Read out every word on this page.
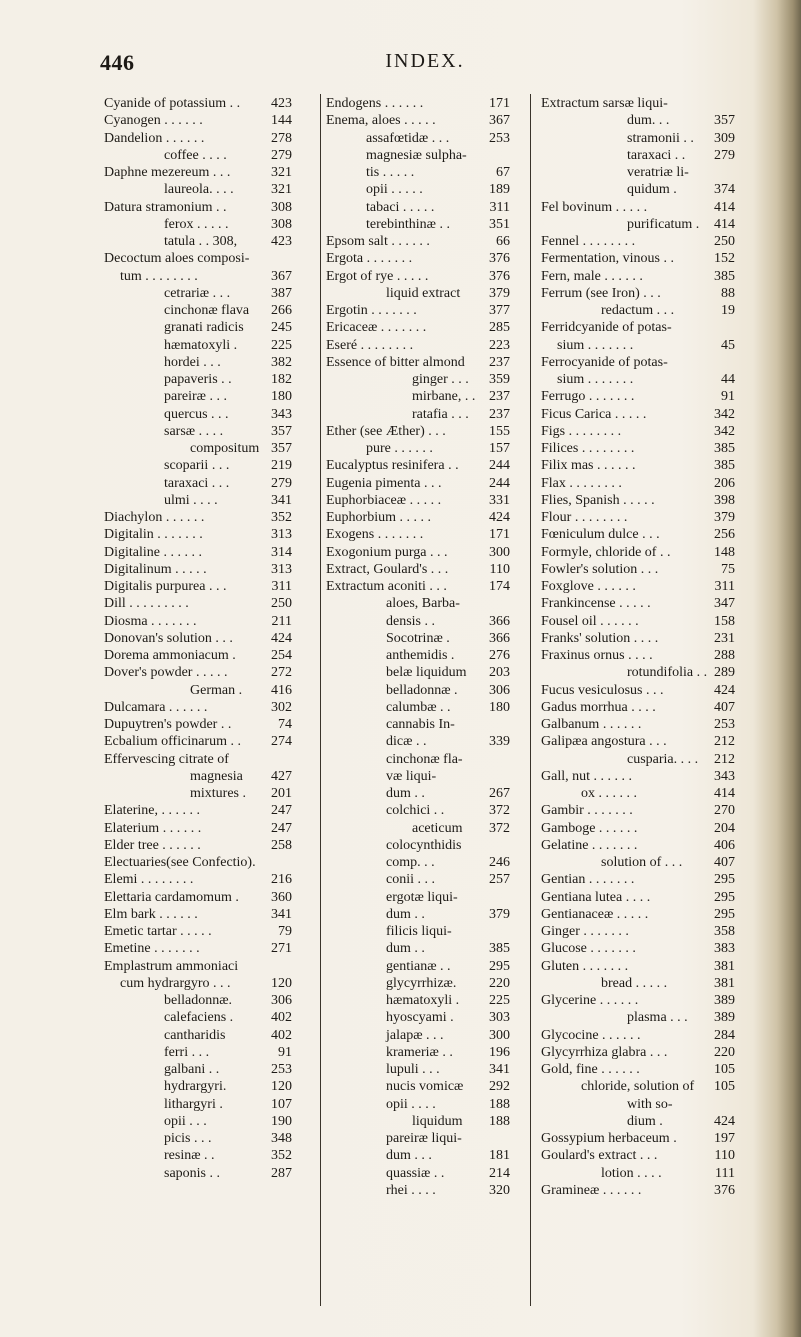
446	INDEX.
Cyanide of potassium . .	423
Cyanogen . . . . . .	144
Dandelion . . . . . .	278
coffee . . . .	279
Daphne mezereum . . .	321
laureola. . . .	321
Datura stramonium . .	308
ferox . . . . .	308
tatula . . 308,	423
Decoctum aloes composi-
tum . . . . . . . .	367
cetrariæ . . .	387
cinchonæ flava	266
granati radicis	245
hæmatoxyli .	225
hordei . . .	382
papaveris . .	182
pareiræ . . .	180
quercus . . .	343
sarsæ . . . .	357
compositum 357
scoparii . . .	219
taraxaci . . .	279
ulmi . . . .	341
Diachylon . . . . . .	352
Digitalin . . . . . . .	313
Digitaline . . . . . .	314
Digitalinum . . . . .	313
Digitalis purpurea . . .	311
Dill . . . . . . . . .	250
Diosma . . . . . . .	211
Donovan's solution . . .	424
Dorema ammoniacum .	254
Dover's powder . . . . .	272
German .	416
Dulcamara . . . . . .	302
Dupuytren's powder . .	74
Ecbalium officinarum . .	274
Effervescing citrate of
magnesia	427
mixtures .	201
Elaterine, . . . . . .	247
Elaterium . . . . . .	247
Elder tree . . . . . .	258
Electuaries(see Confectio).
Elemi . . . . . . . .	216
Elettaria cardamomum .	360
Elm bark . . . . . .	341
Emetic tartar . . . . .	79
Emetine . . . . . . .	271
Emplastrum ammoniaci
cum hydrargyro . . .	120
belladonnæ.	306
calefaciens .	402
cantharidis	402
ferri . . .	91
galbani . .	253
hydrargyri.	120
lithargyri .	107
opii . . .	190
picis . . .	348
resinæ . .	352
saponis . .	287
Endogens . . . . . .	171
Enema, aloes . . . . .	367
assafœtidæ . . .	253
magnesiæ sulpha-
tis . . . . .	67
opii . . . . .	189
tabaci . . . . .	311
terebinthinæ . .	351
Epsom salt . . . . . .	66
Ergota . . . . . . .	376
Ergot of rye . . . . .	376
liquid extract	379
Ergotin . . . . . . .	377
Ericaceæ . . . . . . .	285
Eseré . . . . . . . .	223
Essence of bitter almond	237
ginger . . .	359
mirbane, . . 237
ratafia . . .	237
Ether (see Æther) . . .	155
pure . . . . . .	157
Eucalyptus resinifera . .	244
Eugenia pimenta . . .	244
Euphorbiaceæ . . . . .	331
Euphorbium . . . . .	424
Exogens . . . . . . .	171
Exogonium purga . . .	300
Extract, Goulard's . . .	110
Extractum aconiti . . .	174
aloes, Barba-
densis . .	366
Socotrinæ .	366
anthemidis .	276
belæ liquidum	203
belladonnæ .	306
calumbæ . .	180
cannabis In-
dicæ . .	339
cinchonæ fla-
væ liqui-
dum . .	267
colchici . .	372
aceticum	372
colocynthidis
comp. . .	246
conii . . .	257
ergotæ liqui-
dum . .	379
filicis liqui-
dum . .	385
gentianæ . .	295
glycyrrhizæ.	220
hæmatoxyli .	225
hyoscyami .	303
jalapæ . . .	300
krameriæ . .	196
lupuli . . .	341
nucis vomicæ	292
opii . . . .	188
liquidum	188
pareiræ liqui-
dum . . .	181
quassiæ . .	214
rhei . . . .	320
Extractum sarsæ liqui-
dum. . .	357
stramonii . .	309
taraxaci . .	279
veratriæ li-
quidum .	374
Fel bovinum . . . . .	414
purificatum .	414
Fennel . . . . . . . .	250
Fermentation, vinous . .	152
Fern, male . . . . . .	385
Ferrum (see Iron) . . .	88
redactum . . .	19
Ferridcyanide of potas-
sium . . . . . . .	45
Ferrocyanide of potas-
sium . . . . . . .	44
Ferrugo . . . . . . .	91
Ficus Carica . . . . .	342
Figs . . . . . . . .	342
Filices . . . . . . . .	385
Filix mas . . . . . .	385
Flax . . . . . . . .	206
Flies, Spanish . . . . .	398
Flour . . . . . . . .	379
Fœniculum dulce . . .	256
Formyle, chloride of . .	148
Fowler's solution . . .	75
Foxglove . . . . . .	311
Frankincense . . . . .	347
Fousel oil . . . . . .	158
Franks' solution . . . .	231
Fraxinus ornus . . . .	288
rotundifolia . . 289
Fucus vesiculosus . . .	424
Gadus morrhua . . . .	407
Galbanum . . . . . .	253
Galipæa angostura . . .	212
cusparia. . . .	212
Gall, nut . . . . . .	343
ox . . . . . .	414
Gambir . . . . . . .	270
Gamboge . . . . . .	204
Gelatine . . . . . . .	406
solution of . . .	407
Gentian . . . . . . .	295
Gentiana lutea . . . .	295
Gentianaceæ . . . . .	295
Ginger . . . . . . .	358
Glucose . . . . . . .	383
Gluten . . . . . . .	381
bread . . . . .	381
Glycerine . . . . . .	389
plasma . . .	389
Glycocine . . . . . .	284
Glycyrrhiza glabra . . .	220
Gold, fine . . . . . .	105
chloride, solution of	105
with so-
dium .	424
Gossypium herbaceum .	197
Goulard's extract . . .	110
lotion . . . .	111
Gramineæ . . . . . .	376
